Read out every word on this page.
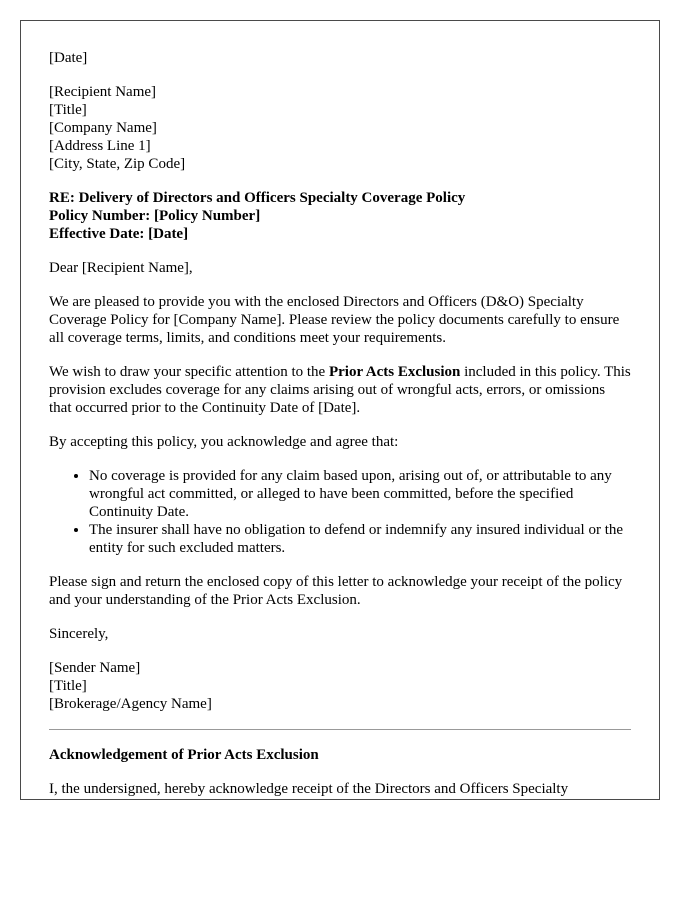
[Date]

[Recipient Name]
[Title]
[Company Name]
[Address Line 1]
[City, State, Zip Code]
RE: Delivery of Directors and Officers Specialty Coverage Policy
Policy Number: [Policy Number]
Effective Date: [Date]

Dear [Recipient Name],

We are pleased to provide you with the enclosed Directors and Officers (D&O) Specialty Coverage Policy for [Company Name]. Please review the policy documents carefully to ensure all coverage terms, limits, and conditions meet your requirements.

We wish to draw your specific attention to the Prior Acts Exclusion included in this policy. This provision excludes coverage for any claims arising out of wrongful acts, errors, or omissions that occurred prior to the Continuity Date of [Date].

By accepting this policy, you acknowledge and agree that:

• No coverage is provided for any claim based upon, arising out of, or attributable to any wrongful act committed, or alleged to have been committed, before the specified Continuity Date.
• The insurer shall have no obligation to defend or indemnify any insured individual or the entity for such excluded matters.

Please sign and return the enclosed copy of this letter to acknowledge your receipt of the policy and your understanding of the Prior Acts Exclusion.

Sincerely,

[Sender Name]
[Title]
[Brokerage/Agency Name]
Acknowledgement of Prior Acts Exclusion

I, the undersigned, hereby acknowledge receipt of the Directors and Officers Specialty
